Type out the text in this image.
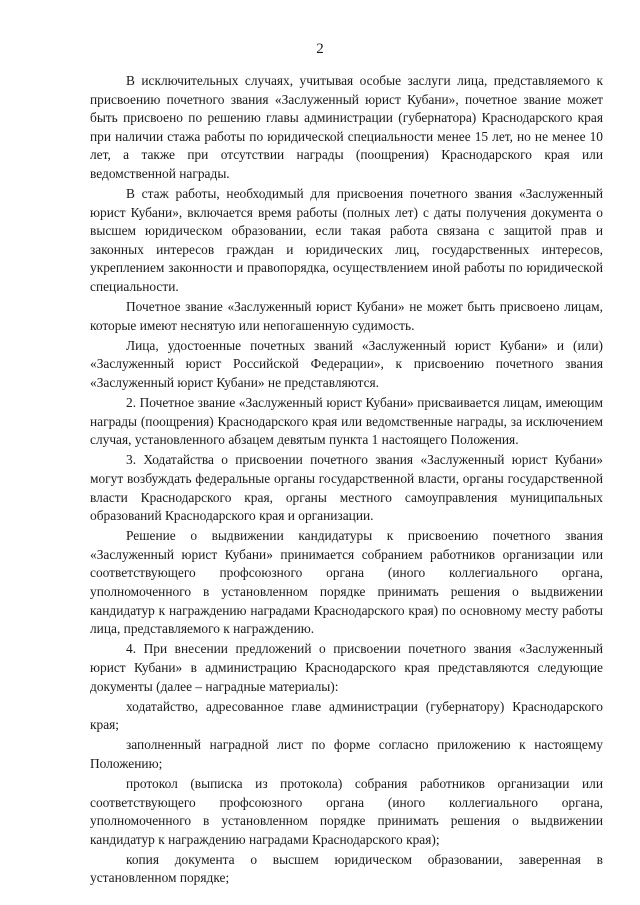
2

В исключительных случаях, учитывая особые заслуги лица, представляемого к присвоению почетного звания «Заслуженный юрист Кубани», почетное звание может быть присвоено по решению главы администрации (губернатора) Краснодарского края при наличии стажа работы по юридической специальности менее 15 лет, но не менее 10 лет, а также при отсутствии награды (поощрения) Краснодарского края или ведомственной награды.

В стаж работы, необходимый для присвоения почетного звания «Заслуженный юрист Кубани», включается время работы (полных лет) с даты получения документа о высшем юридическом образовании, если такая работа связана с защитой прав и законных интересов граждан и юридических лиц, государственных интересов, укреплением законности и правопорядка, осуществлением иной работы по юридической специальности.

Почетное звание «Заслуженный юрист Кубани» не может быть присвоено лицам, которые имеют неснятую или непогашенную судимость.

Лица, удостоенные почетных званий «Заслуженный юрист Кубани» и (или) «Заслуженный юрист Российской Федерации», к присвоению почетного звания «Заслуженный юрист Кубани» не представляются.

2. Почетное звание «Заслуженный юрист Кубани» присваивается лицам, имеющим награды (поощрения) Краснодарского края или ведомственные награды, за исключением случая, установленного абзацем девятым пункта 1 настоящего Положения.

3. Ходатайства о присвоении почетного звания «Заслуженный юрист Кубани» могут возбуждать федеральные органы государственной власти, органы государственной власти Краснодарского края, органы местного самоуправления муниципальных образований Краснодарского края и организации.

Решение о выдвижении кандидатуры к присвоению почетного звания «Заслуженный юрист Кубани» принимается собранием работников организации или соответствующего профсоюзного органа (иного коллегиального органа, уполномоченного в установленном порядке принимать решения о выдвижении кандидатур к награждению наградами Краснодарского края) по основному месту работы лица, представляемого к награждению.

4. При внесении предложений о присвоении почетного звания «Заслуженный юрист Кубани» в администрацию Краснодарского края представляются следующие документы (далее – наградные материалы):

ходатайство, адресованное главе администрации (губернатору) Краснодарского края;

заполненный наградной лист по форме согласно приложению к настоящему Положению;

протокол (выписка из протокола) собрания работников организации или соответствующего профсоюзного органа (иного коллегиального органа, уполномоченного в установленном порядке принимать решения о выдвижении кандидатур к награждению наградами Краснодарского края);

копия документа о высшем юридическом образовании, заверенная в установленном порядке;
